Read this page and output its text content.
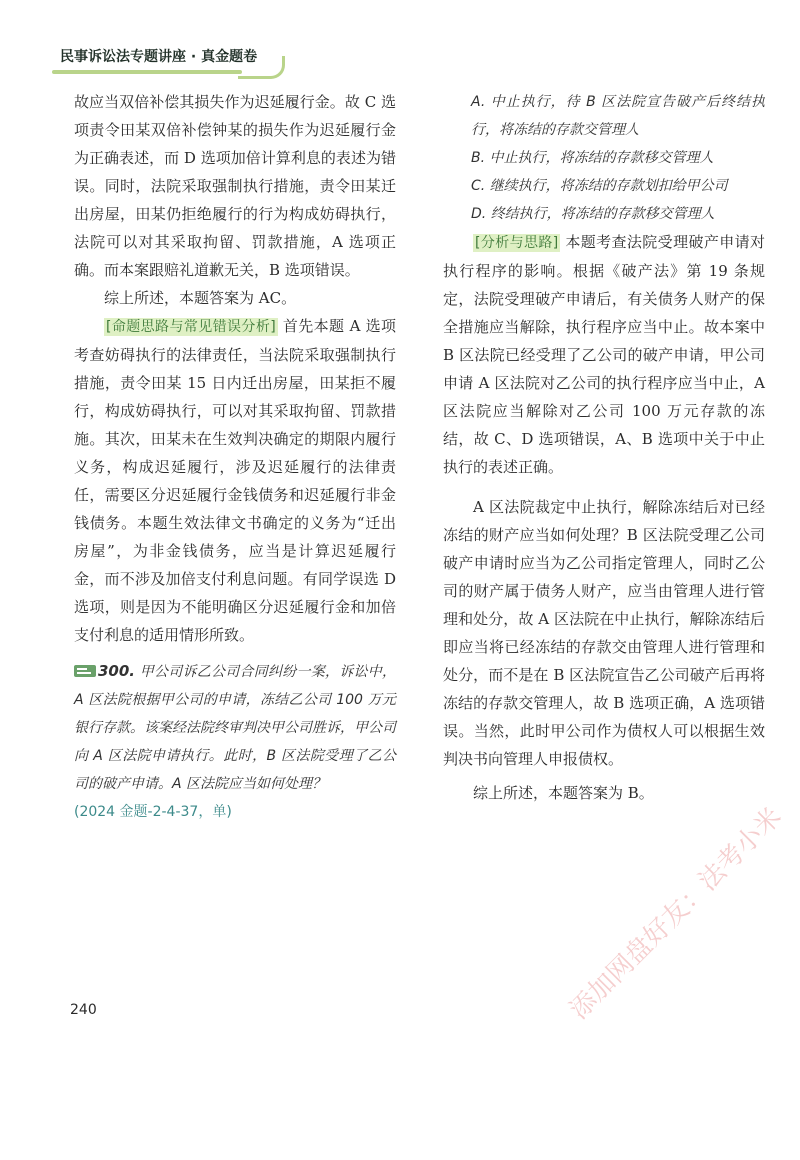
民事诉讼法专题讲座 · 真金题卷

故应当双倍补偿其损失作为迟延履行金。故 C 选项责令田某双倍补偿钟某的损失作为迟延履行金为正确表述，而 D 选项加倍计算利息的表述为错误。同时，法院采取强制执行措施，责令田某迁出房屋，田某仍拒绝履行的行为构成妨碍执行，法院可以对其采取拘留、罚款措施，A 选项正确。而本案跟赔礼道歉无关，B 选项错误。

综上所述，本题答案为 AC。

[命题思路与常见错误分析] 首先本题 A 选项考查妨碍执行的法律责任，当法院采取强制执行措施，责令田某 15 日内迁出房屋，田某拒不履行，构成妨碍执行，可以对其采取拘留、罚款措施。其次，田某未在生效判决确定的期限内履行义务，构成迟延履行，涉及迟延履行的法律责任，需要区分迟延履行金钱债务和迟延履行非金钱债务。本题生效法律文书确定的义务为“迁出房屋”，为非金钱债务，应当是计算迟延履行金，而不涉及加倍支付利息问题。有同学误选 D 选项，则是因为不能明确区分迟延履行金和加倍支付利息的适用情形所致。

300. 甲公司诉乙公司合同纠纷一案，诉讼中，A 区法院根据甲公司的申请，冻结乙公司 100 万元银行存款。该案经法院终审判决甲公司胜诉，甲公司向 A 区法院申请执行。此时，B 区法院受理了乙公司的破产申请。A 区法院应当如何处理？
(2024 金题-2-4-37，单)

A. 中止执行，待 B 区法院宣告破产后终结执行，将冻结的存款交管理人

B. 中止执行，将冻结的存款移交管理人

C. 继续执行，将冻结的存款划扣给甲公司

D. 终结执行，将冻结的存款移交管理人

[分析与思路] 本题考查法院受理破产申请对执行程序的影响。根据《破产法》第 19 条规定，法院受理破产申请后，有关债务人财产的保全措施应当解除，执行程序应当中止。故本案中 B 区法院已经受理了乙公司的破产申请，甲公司申请 A 区法院对乙公司的执行程序应当中止，A 区法院应当解除对乙公司 100 万元存款的冻结，故 C、D 选项错误，A、B 选项中关于中止执行的表述正确。

A 区法院裁定中止执行，解除冻结后对已经冻结的财产应当如何处理？B 区法院受理乙公司破产申请时应当为乙公司指定管理人，同时乙公司的财产属于债务人财产，应当由管理人进行管理和处分，故 A 区法院在中止执行，解除冻结后即应当将已经冻结的存款交由管理人进行管理和处分，而不是在 B 区法院宣告乙公司破产后再将冻结的存款交管理人，故 B 选项正确，A 选项错误。当然，此时甲公司作为债权人可以根据生效判决书向管理人申报债权。

综上所述，本题答案为 B。

240	添加网盘好友：法考小米
